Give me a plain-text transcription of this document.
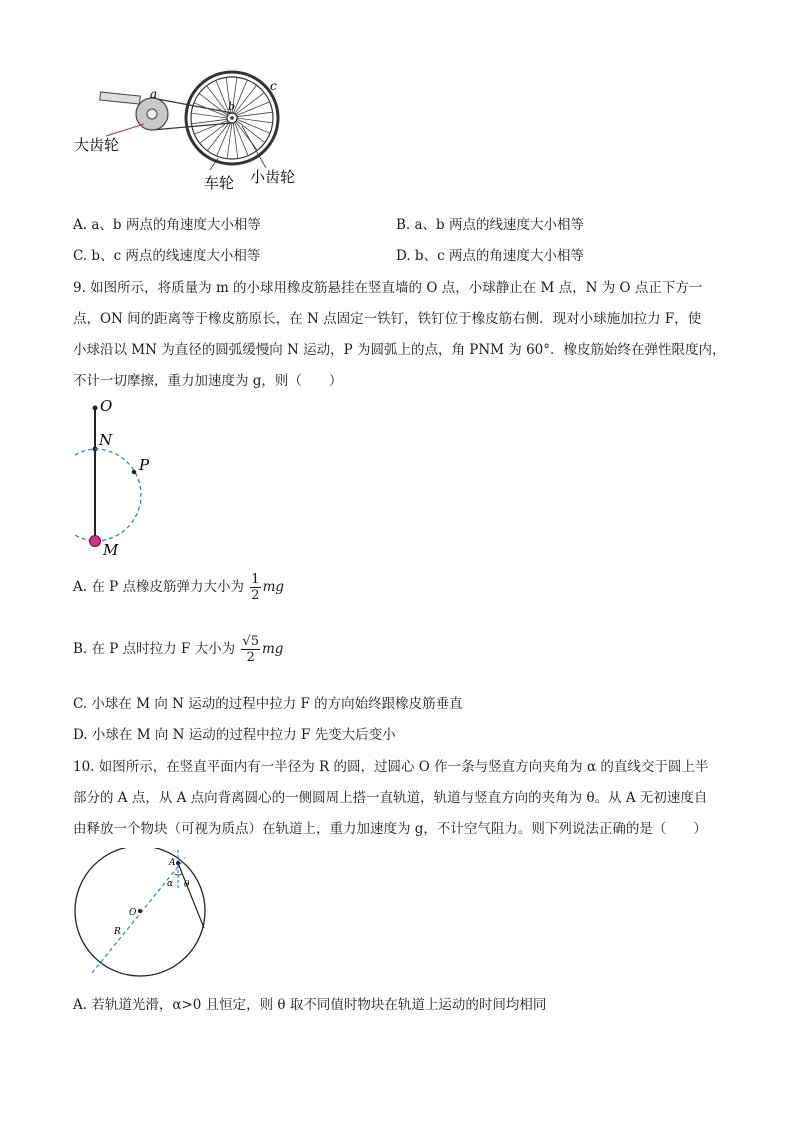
a
b
c
大齿轮
车轮 小齿轮
A. a、b 两点的角速度大小相等	B. a、b 两点的线速度大小相等
C. b、c 两点的线速度大小相等	D. b、c 两点的角速度大小相等
9. 如图所示，将质量为 m 的小球用橡皮筋悬挂在竖直墙的 O 点，小球静止在 M 点，N 为 O 点正下方一
点，ON 间的距离等于橡皮筋原长，在 N 点固定一铁钉，铁钉位于橡皮筋右侧．现对小球施加拉力 F，使
小球沿以 MN 为直径的圆弧缓慢向 N 运动，P 为圆弧上的点，角 PNM 为 60°．橡皮筋始终在弹性限度内，
不计一切摩擦，重力加速度为 g，则（　　）
O
N
P
M
A. 在 P 点橡皮筋弹力大小为 $\frac{1}{2}$ mg
B. 在 P 点时拉力 F 大小为 $\frac{√5}{2}$ mg
C. 小球在 M 向 N 运动的过程中拉力 F 的方向始终跟橡皮筋垂直
D. 小球在 M 向 N 运动的过程中拉力 F 先变大后变小
10. 如图所示，在竖直平面内有一半径为 R 的圆，过圆心 O 作一条与竖直方向夹角为 α 的直线交于圆上半
部分的 A 点，从 A 点向背离圆心的一侧圆周上搭一直轨道，轨道与竖直方向的夹角为 θ。从 A 无初速度自
由释放一个物块（可视为质点）在轨道上，重力加速度为 g，不计空气阻力。则下列说法正确的是（　　）
A
α θ
O
R
A. 若轨道光滑，α>0 且恒定，则 θ 取不同值时物块在轨道上运动的时间均相同
